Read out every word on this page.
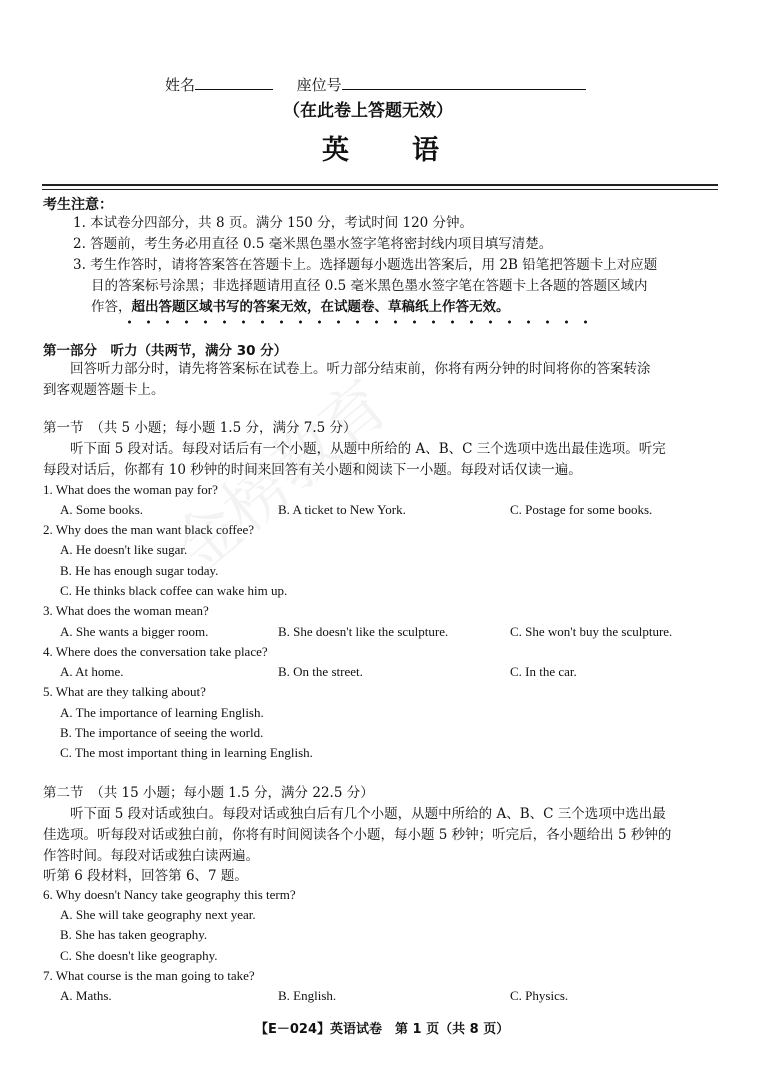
姓名	座位号
（在此卷上答题无效）
英　语
考生注意：
1. 本试卷分四部分，共 8 页。满分 150 分，考试时间 120 分钟。
2. 答题前，考生务必用直径 0.5 毫米黑色墨水签字笔将密封线内项目填写清楚。
3. 考生作答时，请将答案答在答题卡上。选择题每小题选出答案后，用 2B 铅笔把答题卡上对应题
目的答案标号涂黑；非选择题请用直径 0.5 毫米黑色墨水签字笔在答题卡上各题的答题区域内
作答，超出答题区域书写的答案无效，在试题卷、草稿纸上作答无效。
第一部分　听力（共两节，满分 30 分）
回答听力部分时，请先将答案标在试卷上。听力部分结束前，你将有两分钟的时间将你的答案转涂
到客观题答题卡上。
第一节　（共 5 小题；每小题 1.5 分，满分 7.5 分）
听下面 5 段对话。每段对话后有一个小题，从题中所给的 A、B、C 三个选项中选出最佳选项。听完
每段对话后，你都有 10 秒钟的时间来回答有关小题和阅读下一小题。每段对话仅读一遍。
1. What does the woman pay for?
A. Some books.	B. A ticket to New York.	C. Postage for some books.
2. Why does the man want black coffee?
A. He doesn't like sugar.
B. He has enough sugar today.
C. He thinks black coffee can wake him up.
3. What does the woman mean?
A. She wants a bigger room.	B. She doesn't like the sculpture.	C. She won't buy the sculpture.
4. Where does the conversation take place?
A. At home.	B. On the street.	C. In the car.
5. What are they talking about?
A. The importance of learning English.
B. The importance of seeing the world.
C. The most important thing in learning English.
第二节　（共 15 小题；每小题 1.5 分，满分 22.5 分）
听下面 5 段对话或独白。每段对话或独白后有几个小题，从题中所给的 A、B、C 三个选项中选出最
佳选项。听每段对话或独白前，你将有时间阅读各个小题，每小题 5 秒钟；听完后，各小题给出 5 秒钟的
作答时间。每段对话或独白读两遍。
听第 6 段材料，回答第 6、7 题。
6. Why doesn't Nancy take geography this term?
A. She will take geography next year.
B. She has taken geography.
C. She doesn't like geography.
7. What course is the man going to take?
A. Maths.	B. English.	C. Physics.
【E－024】英语试卷　第 1 页（共 8 页）
